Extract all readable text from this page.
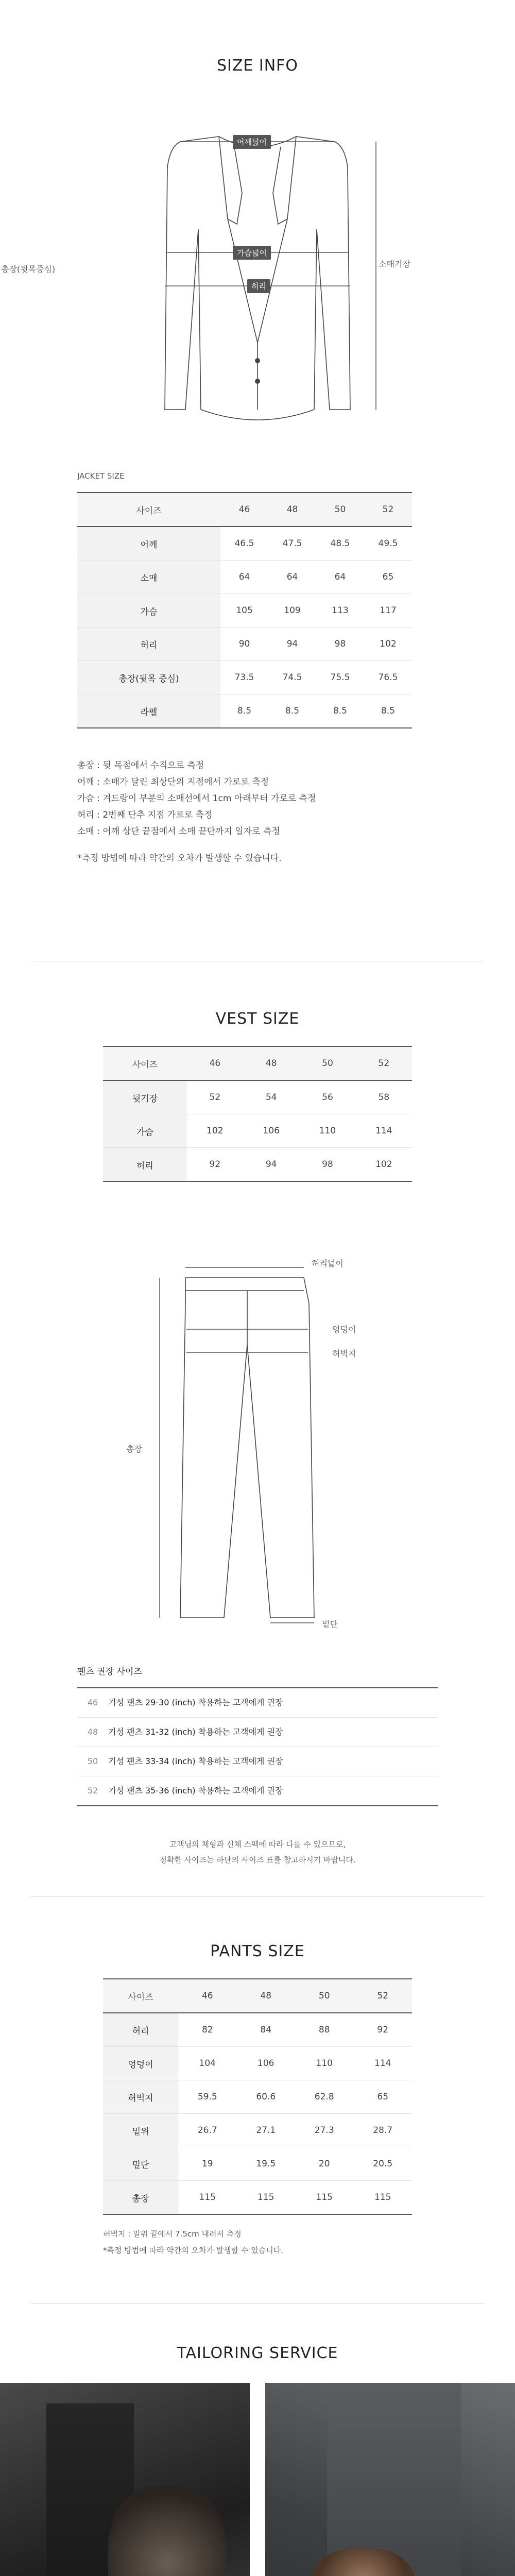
SIZE INFO
어깨넓이
가슴넓이
허리
총장(뒷목중심)
소매기장
JACKET SIZE
사이즈	46	48	50	52
어깨	46.5	47.5	48.5	49.5
소매	64	64	64	65
가슴	105	109	113	117
허리	90	94	98	102
총장(뒷목 중심)	73.5	74.5	75.5	76.5
라펠	8.5	8.5	8.5	8.5
총장 : 뒷 목점에서 수직으로 측정
어깨 : 소매가 달린 최상단의 지점에서 가로로 측정
가슴 : 겨드랑이 부분의 소매선에서 1cm 아래부터 가로로 측정
허리 : 2번째 단추 지점 가로로 측정
소매 : 어깨 상단 끝점에서 소매 끝단까지 일자로 측정
*측정 방법에 따라 약간의 오차가 발생할 수 있습니다.
VEST SIZE
사이즈	46	48	50	52
뒷기장	52	54	56	58
가슴	102	106	110	114
허리	92	94	98	102
허리넓이
엉덩이
허벅지
총장
밑단
팬츠 권장 사이즈
46 기성 팬츠 29-30 (inch) 착용하는 고객에게 권장
48 기성 팬츠 31-32 (inch) 착용하는 고객에게 권장
50 기성 팬츠 33-34 (inch) 착용하는 고객에게 권장
52 기성 팬츠 35-36 (inch) 착용하는 고객에게 권장
고객님의 체형과 신체 스펙에 따라 다를 수 있으므로,
정확한 사이즈는 하단의 사이즈 표를 참고하시기 바랍니다.
PANTS SIZE
사이즈	46	48	50	52
허리	82	84	88	92
엉덩이	104	106	110	114
허벅지	59.5	60.6	62.8	65
밑위	26.7	27.1	27.3	28.7
밑단	19	19.5	20	20.5
총장	115	115	115	115
허벅지 : 밑위 끝에서 7.5cm 내려서 측정
*측정 방법에 따라 약간의 오차가 발생할 수 있습니다.
TAILORING SERVICE
